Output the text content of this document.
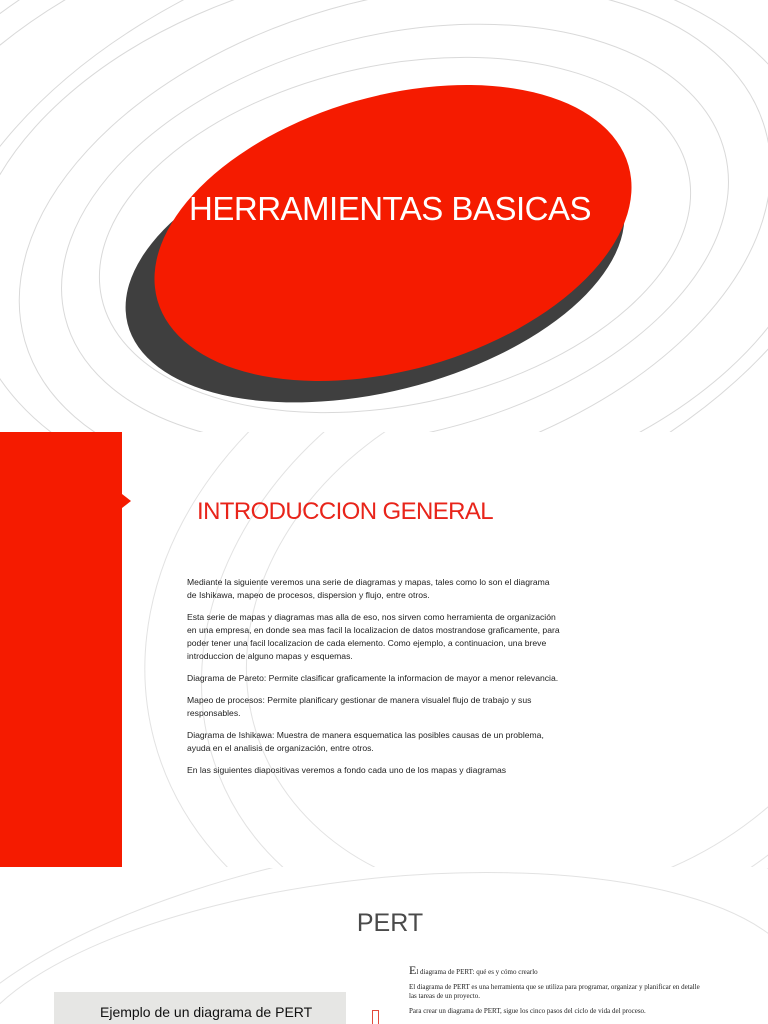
HERRAMIENTAS BASICAS
INTRODUCCION GENERAL

Mediante la siguiente veremos una serie de diagramas y mapas, tales como lo son el diagrama de Ishikawa, mapeo de procesos, dispersion y flujo, entre otros.

Esta serie de mapas y diagramas mas alla de eso, nos sirven como herramienta de organización en una empresa, en donde sea mas facil la localizacion de datos mostrandose graficamente, para poder tener una facil localizacion de cada elemento. Como ejemplo, a continuacion, una breve introduccion de alguno mapas y esquemas.

Diagrama de Pareto: Permite clasificar graficamente la informacion de mayor a menor relevancia.

Mapeo de procesos: Permite planificary gestionar de manera visualel flujo de trabajo y sus responsables.

Diagrama de Ishikawa: Muestra de manera esquematica las posibles causas de un problema, ayuda en el analisis de organización, entre otros.

En las siguientes diapositivas veremos a fondo cada uno de los mapas y diagramas

PERT
Ejemplo de un diagrama de PERT

El diagrama de PERT: qué es y cómo crearlo

El diagrama de PERT es una herramienta que se utiliza para programar, organizar y planificar en detalle las tareas de un proyecto.

Para crear un diagrama de PERT, sigue los cinco pasos del ciclo de vida del proceso.
